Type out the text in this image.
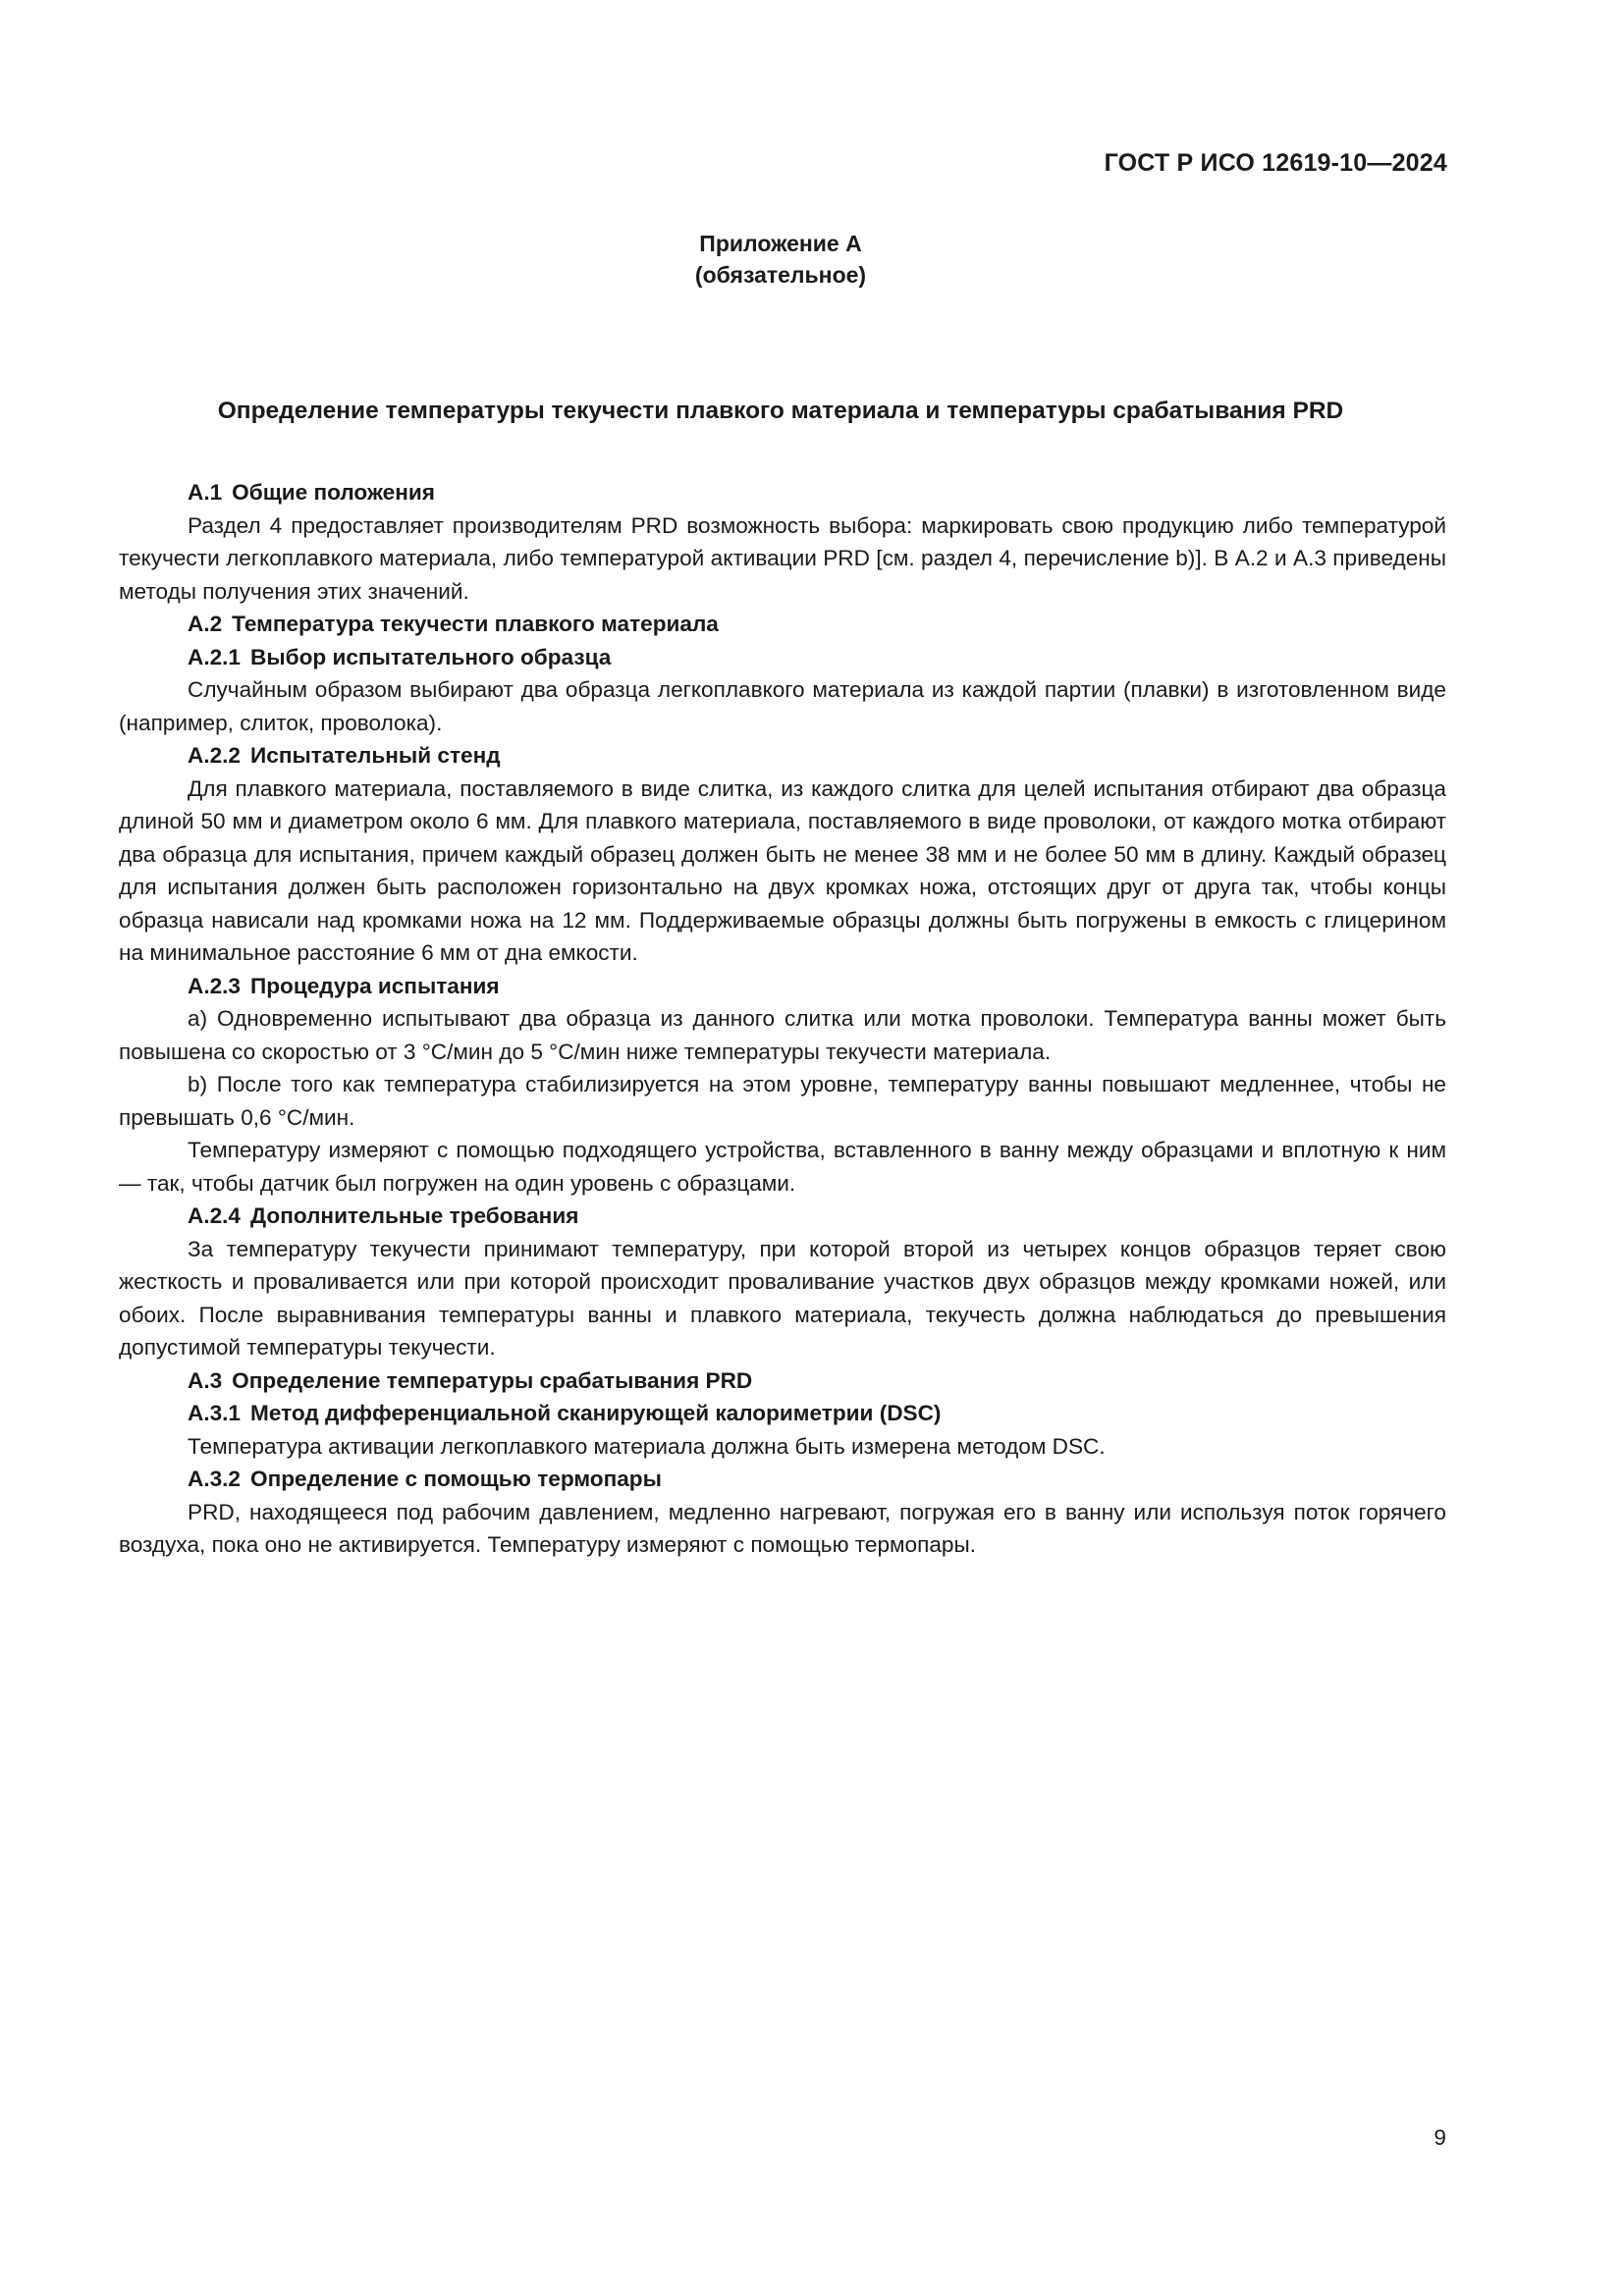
ГОСТ Р ИСО 12619-10—2024
Приложение А
(обязательное)
Определение температуры текучести плавкого материала и температуры срабатывания PRD
А.1 Общие положения

Раздел 4 предоставляет производителям PRD возможность выбора: маркировать свою продукцию либо температурой текучести легкоплавкого материала, либо температурой активации PRD [см. раздел 4, перечисление b)]. В А.2 и А.3 приведены методы получения этих значений.

А.2 Температура текучести плавкого материала
А.2.1 Выбор испытательного образца

Случайным образом выбирают два образца легкоплавкого материала из каждой партии (плавки) в изготовленном виде (например, слиток, проволока).

А.2.2 Испытательный стенд

Для плавкого материала, поставляемого в виде слитка, из каждого слитка для целей испытания отбирают два образца длиной 50 мм и диаметром около 6 мм. Для плавкого материала, поставляемого в виде проволоки, от каждого мотка отбирают два образца для испытания, причем каждый образец должен быть не менее 38 мм и не более 50 мм в длину. Каждый образец для испытания должен быть расположен горизонтально на двух кромках ножа, отстоящих друг от друга так, чтобы концы образца нависали над кромками ножа на 12 мм. Поддерживаемые образцы должны быть погружены в емкость с глицерином на минимальное расстояние 6 мм от дна емкости.

А.2.3 Процедура испытания

a) Одновременно испытывают два образца из данного слитка или мотка проволоки. Температура ванны может быть повышена со скоростью от 3 °C/мин до 5 °C/мин ниже температуры текучести материала.

b) После того как температура стабилизируется на этом уровне, температуру ванны повышают медленнее, чтобы не превышать 0,6 °C/мин.

Температуру измеряют с помощью подходящего устройства, вставленного в ванну между образцами и вплотную к ним — так, чтобы датчик был погружен на один уровень с образцами.

А.2.4 Дополнительные требования

За температуру текучести принимают температуру, при которой второй из четырех концов образцов теряет свою жесткость и проваливается или при которой происходит проваливание участков двух образцов между кромками ножей, или обоих. После выравнивания температуры ванны и плавкого материала, текучесть должна наблюдаться до превышения допустимой температуры текучести.

А.3 Определение температуры срабатывания PRD
А.3.1 Метод дифференциальной сканирующей калориметрии (DSC)

Температура активации легкоплавкого материала должна быть измерена методом DSC.

А.3.2 Определение с помощью термопары

PRD, находящееся под рабочим давлением, медленно нагревают, погружая его в ванну или используя поток горячего воздуха, пока оно не активируется. Температуру измеряют с помощью термопары.

9
